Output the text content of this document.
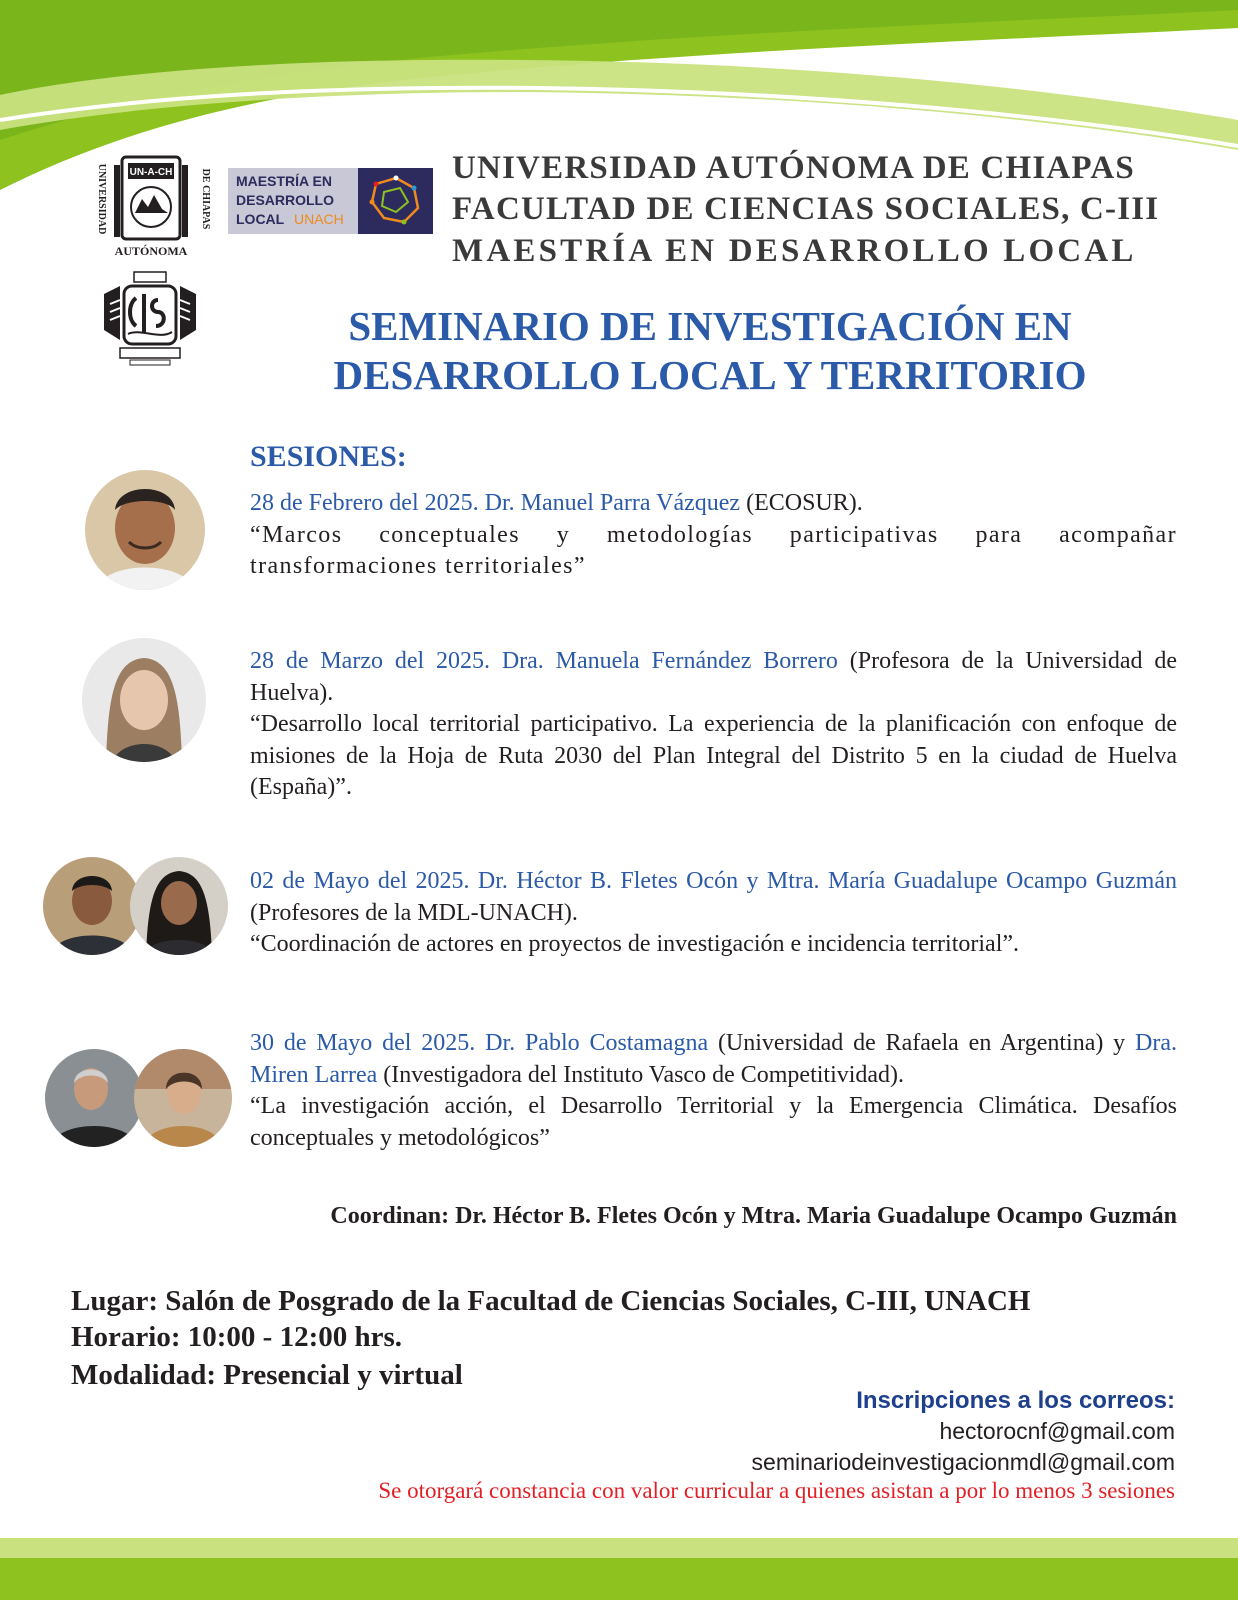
UN-A-CH
UNIVERSIDAD	DE CHIAPAS
AUTÓNOMA
MAESTRÍA EN
DESARROLLO
LOCAL UNACH
UNIVERSIDAD AUTÓNOMA DE CHIAPAS
FACULTAD DE CIENCIAS SOCIALES, C-III
MAESTRÍA EN DESARROLLO LOCAL
SEMINARIO DE INVESTIGACIÓN EN
DESARROLLO LOCAL Y TERRITORIO
SESIONES:
28 de Febrero del 2025. Dr. Manuel Parra Vázquez (ECOSUR).
“Marcos conceptuales y metodologías participativas para acompañar transformaciones territoriales”
28 de Marzo del 2025. Dra. Manuela Fernández Borrero (Profesora de la Universidad de Huelva).
“Desarrollo local territorial participativo. La experiencia de la planificación con enfoque de misiones de la Hoja de Ruta 2030 del Plan Integral del Distrito 5 en la ciudad de Huelva (España)”.
02 de Mayo del 2025. Dr. Héctor B. Fletes Ocón y Mtra. María Guadalupe Ocampo Guzmán (Profesores de la MDL-UNACH).
“Coordinación de actores en proyectos de investigación e incidencia territorial”.
30 de Mayo del 2025. Dr. Pablo Costamagna (Universidad de Rafaela en Argentina) y Dra. Miren Larrea (Investigadora del Instituto Vasco de Competitividad).
“La investigación acción, el Desarrollo Territorial y la Emergencia Climática. Desafíos conceptuales y metodológicos”
Coordinan: Dr. Héctor B. Fletes Ocón y Mtra. Maria Guadalupe Ocampo Guzmán
Lugar: Salón de Posgrado de la Facultad de Ciencias Sociales, C-III, UNACH
Horario: 10:00 - 12:00 hrs.
Modalidad: Presencial y virtual
Inscripciones a los correos:
hectorocnf@gmail.com
seminariodeinvestigacionmdl@gmail.com
Se otorgará constancia con valor curricular a quienes asistan a por lo menos 3 sesiones
